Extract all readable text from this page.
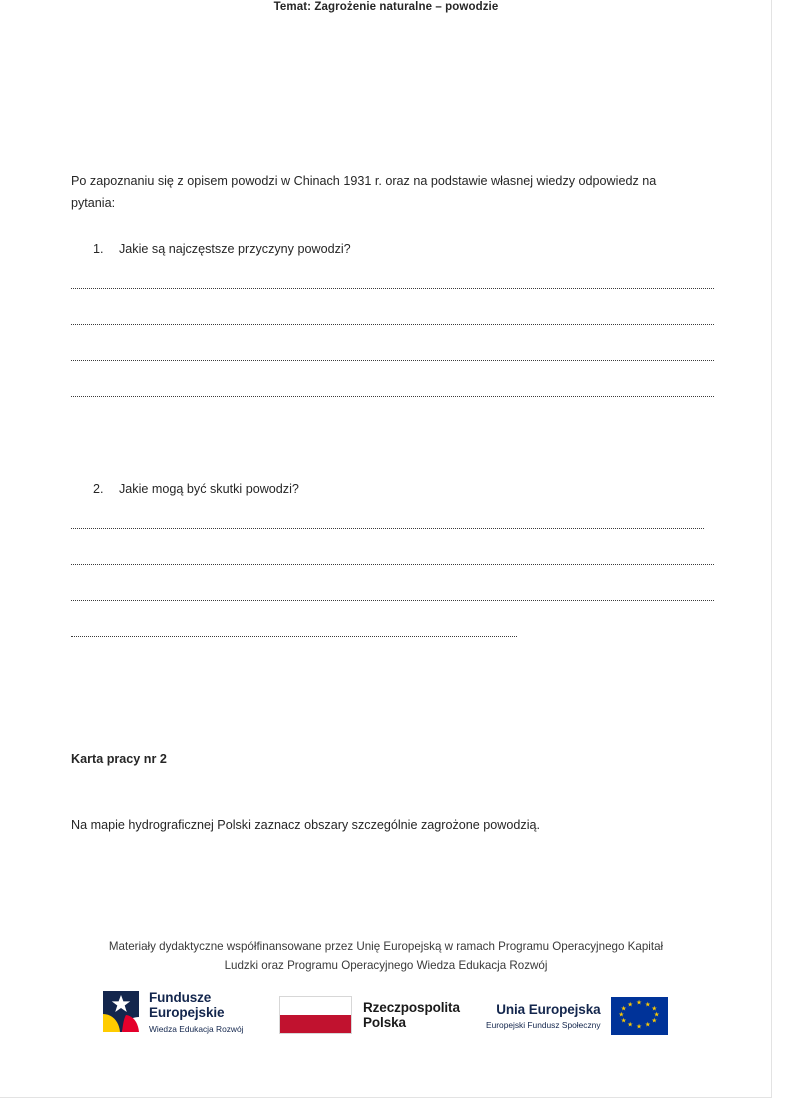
Temat: Zagrożenie naturalne – powodzie

Po zapoznaniu się z opisem powodzi w Chinach 1931 r. oraz na podstawie własnej wiedzy odpowiedz na pytania:

1.	Jakie są najczęstsze przyczyny powodzi?
2.	Jakie mogą być skutki powodzi?
Karta pracy nr 2
Na mapie hydrograficznej Polski zaznacz obszary szczególnie zagrożone powodzią.
Materiały dydaktyczne współfinansowane przez Unię Europejską w ramach Programu Operacyjnego Kapitał
Ludzki oraz Programu Operacyjnego Wiedza Edukacja Rozwój
Fundusze
Europejskie
Wiedza Edukacja Rozwój
Rzeczpospolita
Polska
Unia Europejska
Europejski Fundusz Społeczny
★ ★
★
★
★
★
★
★
★
★
★
★
